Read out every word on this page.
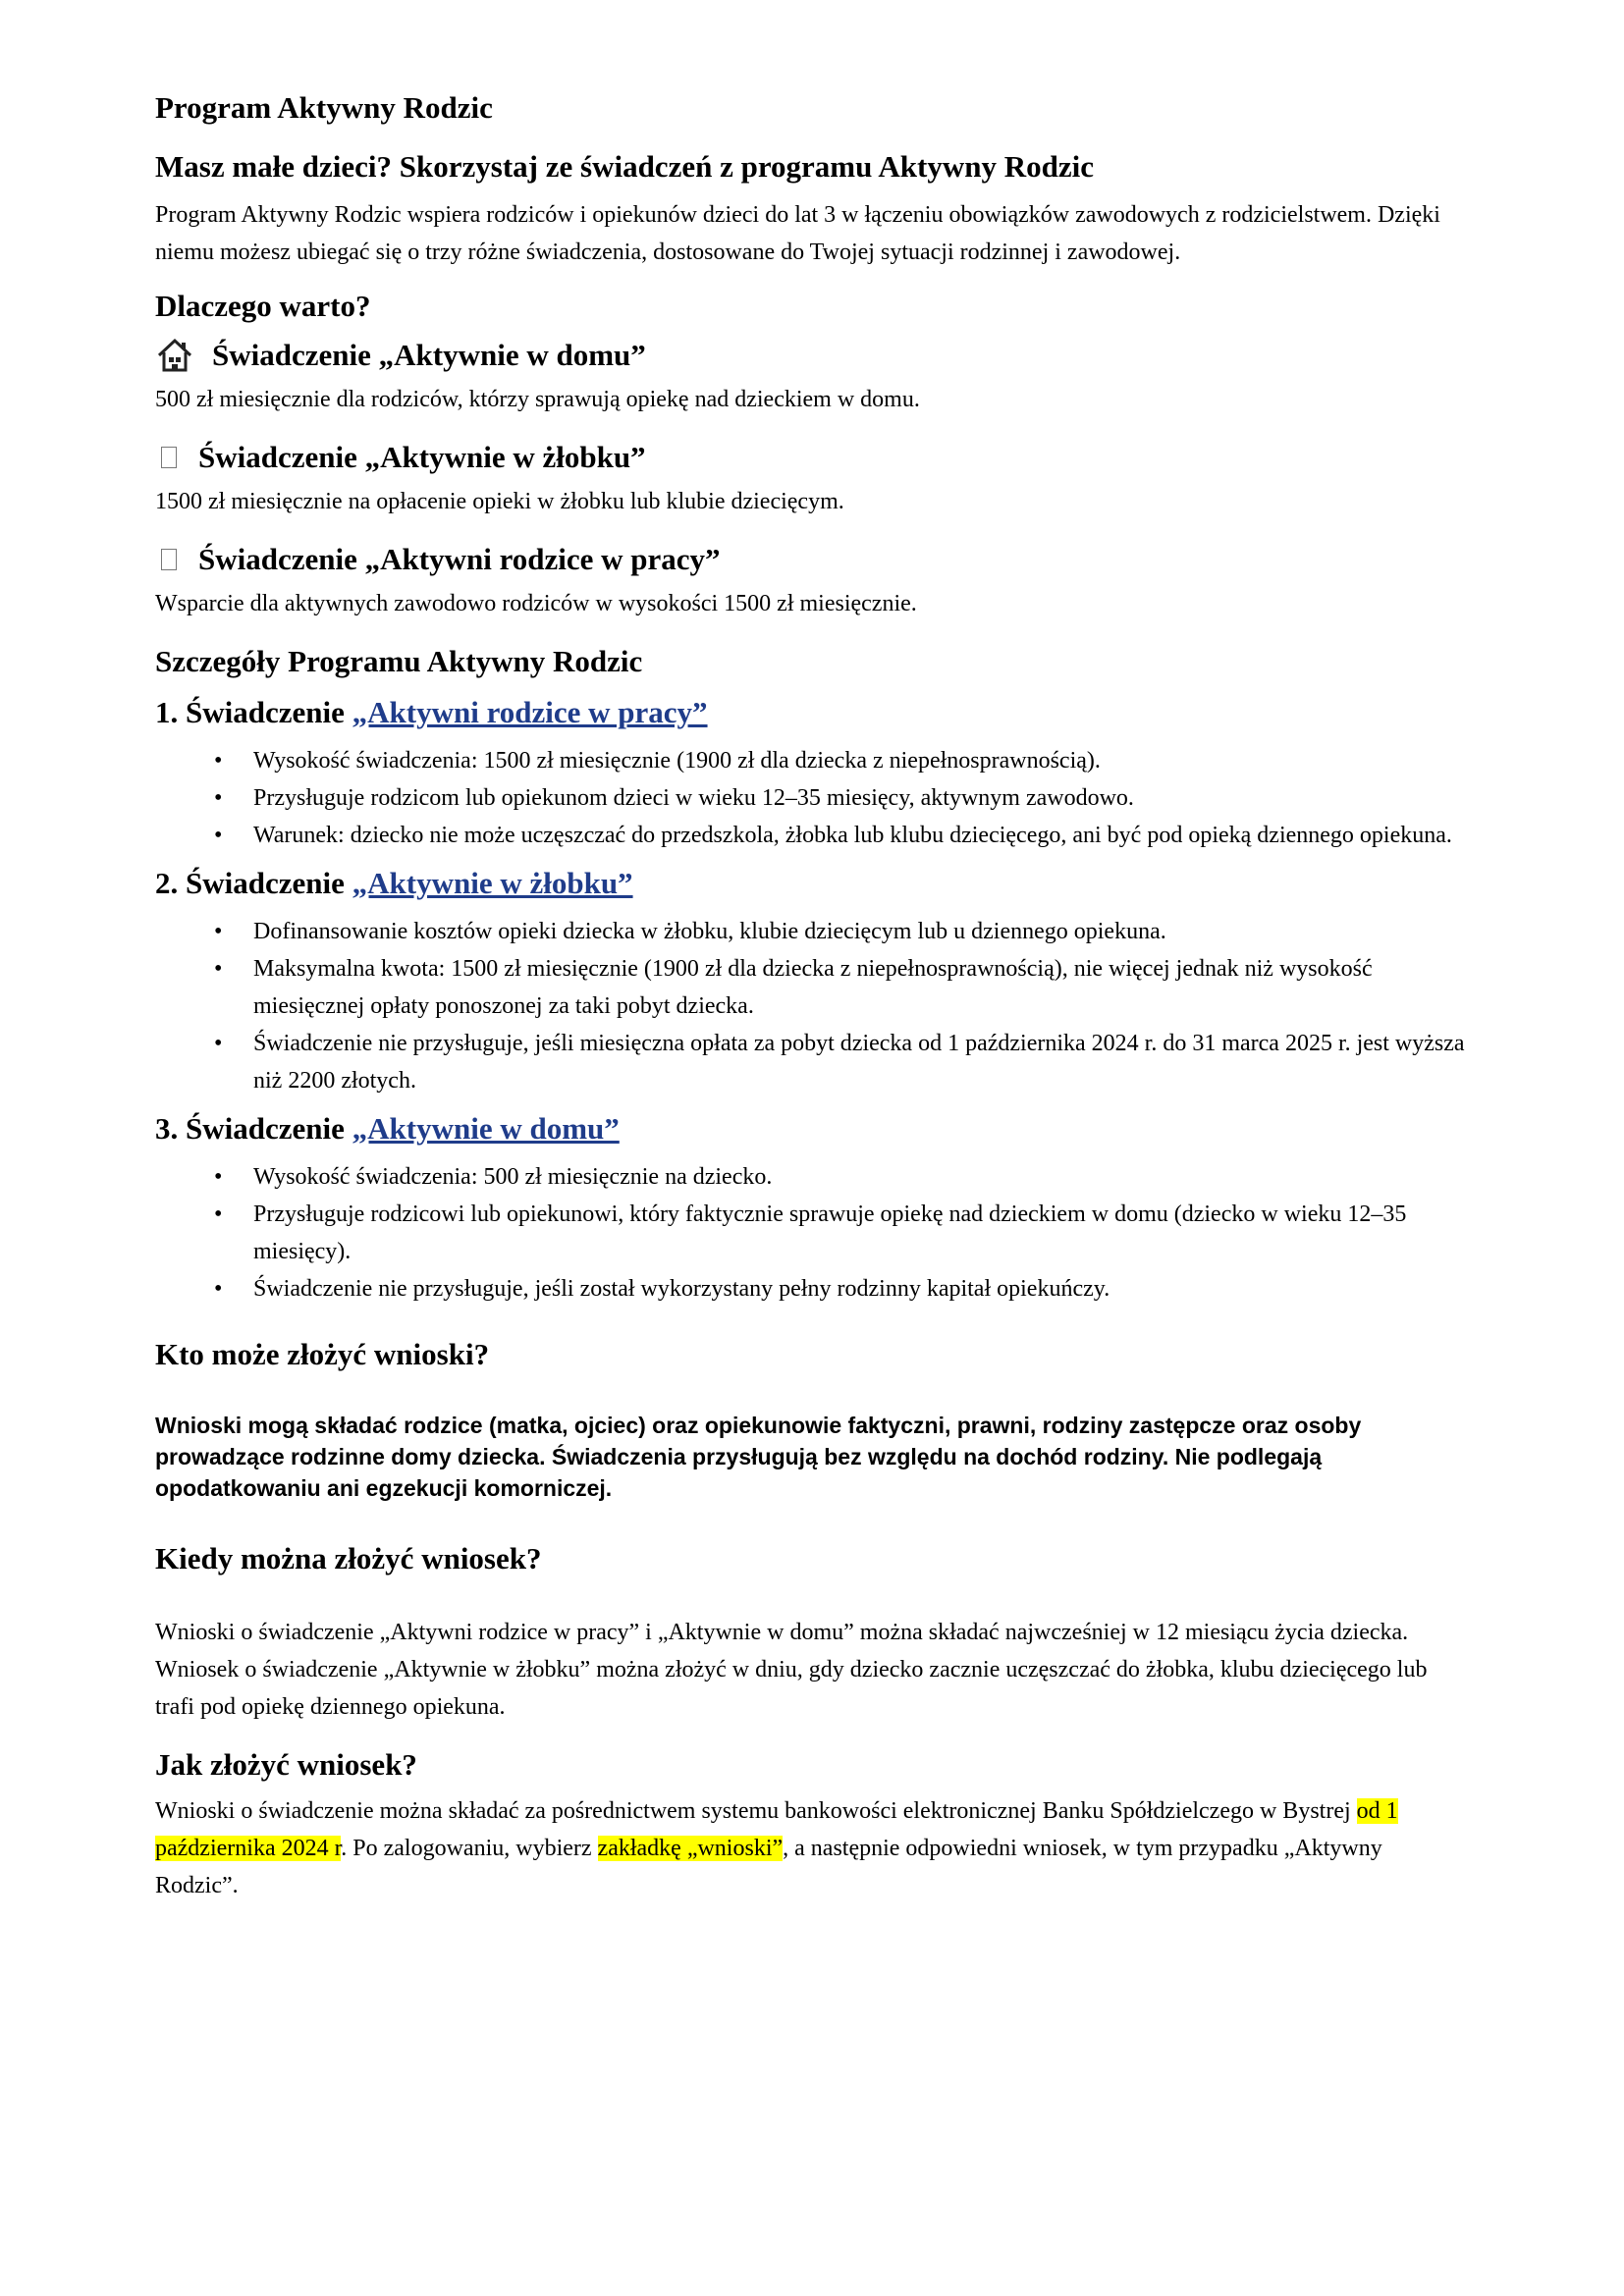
Program Aktywny Rodzic
Masz małe dzieci? Skorzystaj ze świadczeń z programu Aktywny Rodzic

Program Aktywny Rodzic wspiera rodziców i opiekunów dzieci do lat 3 w łączeniu obowiązków zawodowych z rodzicielstwem. Dzięki niemu możesz ubiegać się o trzy różne świadczenia, dostosowane do Twojej sytuacji rodzinnej i zawodowej.

Dlaczego warto?
Świadczenie „Aktywnie w domu”

500 zł miesięcznie dla rodziców, którzy sprawują opiekę nad dzieckiem w domu.

Świadczenie „Aktywnie w żłobku”

1500 zł miesięcznie na opłacenie opieki w żłobku lub klubie dziecięcym.

Świadczenie „Aktywni rodzice w pracy”

Wsparcie dla aktywnych zawodowo rodziców w wysokości 1500 zł miesięcznie.

Szczegóły Programu Aktywny Rodzic
1. Świadczenie „Aktywni rodzice w pracy”
• Wysokość świadczenia: 1500 zł miesięcznie (1900 zł dla dziecka z niepełnosprawnością).
• Przysługuje rodzicom lub opiekunom dzieci w wieku 12–35 miesięcy, aktywnym zawodowo.
• Warunek: dziecko nie może uczęszczać do przedszkola, żłobka lub klubu dziecięcego, ani być pod opieką dziennego opiekuna.
2. Świadczenie „Aktywnie w żłobku”
• Dofinansowanie kosztów opieki dziecka w żłobku, klubie dziecięcym lub u dziennego opiekuna.
• Maksymalna kwota: 1500 zł miesięcznie (1900 zł dla dziecka z niepełnosprawnością), nie więcej jednak niż wysokość miesięcznej opłaty ponoszonej za taki pobyt dziecka.
• Świadczenie nie przysługuje, jeśli miesięczna opłata za pobyt dziecka od 1 października 2024 r. do 31 marca 2025 r. jest wyższa niż 2200 złotych.
3. Świadczenie „Aktywnie w domu”
• Wysokość świadczenia: 500 zł miesięcznie na dziecko.
• Przysługuje rodzicowi lub opiekunowi, który faktycznie sprawuje opiekę nad dzieckiem w domu (dziecko w wieku 12–35 miesięcy).
• Świadczenie nie przysługuje, jeśli został wykorzystany pełny rodzinny kapitał opiekuńczy.
Kto może złożyć wnioski?

Wnioski mogą składać rodzice (matka, ojciec) oraz opiekunowie faktyczni, prawni, rodziny zastępcze oraz osoby prowadzące rodzinne domy dziecka. Świadczenia przysługują bez względu na dochód rodziny. Nie podlegają opodatkowaniu ani egzekucji komorniczej.

Kiedy można złożyć wniosek?

Wnioski o świadczenie „Aktywni rodzice w pracy” i „Aktywnie w domu” można składać najwcześniej w 12 miesiącu życia dziecka. Wniosek o świadczenie „Aktywnie w żłobku” można złożyć w dniu, gdy dziecko zacznie uczęszczać do żłobka, klubu dziecięcego lub trafi pod opiekę dziennego opiekuna.

Jak złożyć wniosek?

Wnioski o świadczenie można składać za pośrednictwem systemu bankowości elektronicznej Banku Spółdzielczego w Bystrej od 1 października 2024 r. Po zalogowaniu, wybierz zakładkę „wnioski”, a następnie odpowiedni wniosek, w tym przypadku „Aktywny Rodzic”.
